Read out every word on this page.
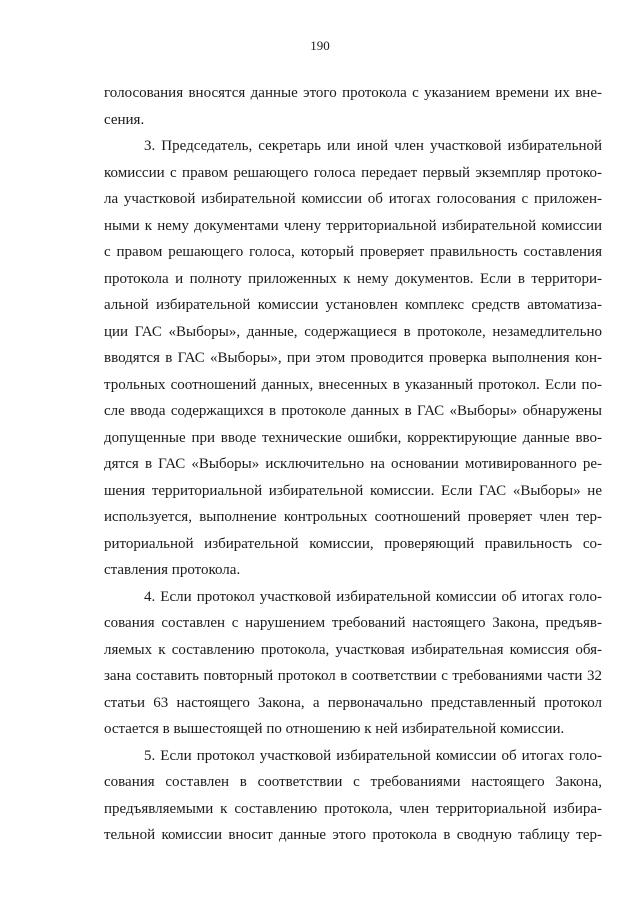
190
голосования вносятся данные этого протокола с указанием времени их вне-
сения.
3. Председатель, секретарь или иной член участковой избирательной
комиссии с правом решающего голоса передает первый экземпляр протоко-
ла участковой избирательной комиссии об итогах голосования с приложен-
ными к нему документами члену территориальной избирательной комиссии
с правом решающего голоса, который проверяет правильность составления
протокола и полноту приложенных к нему документов. Если в территори-
альной избирательной комиссии установлен комплекс средств автоматиза-
ции ГАС «Выборы», данные, содержащиеся в протоколе, незамедлительно
вводятся в ГАС «Выборы», при этом проводится проверка выполнения кон-
трольных соотношений данных, внесенных в указанный протокол. Если по-
сле ввода содержащихся в протоколе данных в ГАС «Выборы» обнаружены
допущенные при вводе технические ошибки, корректирующие данные вво-
дятся в ГАС «Выборы» исключительно на основании мотивированного ре-
шения территориальной избирательной комиссии. Если ГАС «Выборы» не
используется, выполнение контрольных соотношений проверяет член тер-
риториальной избирательной комиссии, проверяющий правильность со-
ставления протокола.
4. Если протокол участковой избирательной комиссии об итогах голо-
сования составлен с нарушением требований настоящего Закона, предъяв-
ляемых к составлению протокола, участковая избирательная комиссия обя-
зана составить повторный протокол в соответствии с требованиями части 32
статьи 63 настоящего Закона, а первоначально представленный протокол
остается в вышестоящей по отношению к ней избирательной комиссии.
5. Если протокол участковой избирательной комиссии об итогах голо-
сования составлен в соответствии с требованиями настоящего Закона,
предъявляемыми к составлению протокола, член территориальной избира-
тельной комиссии вносит данные этого протокола в сводную таблицу тер-
